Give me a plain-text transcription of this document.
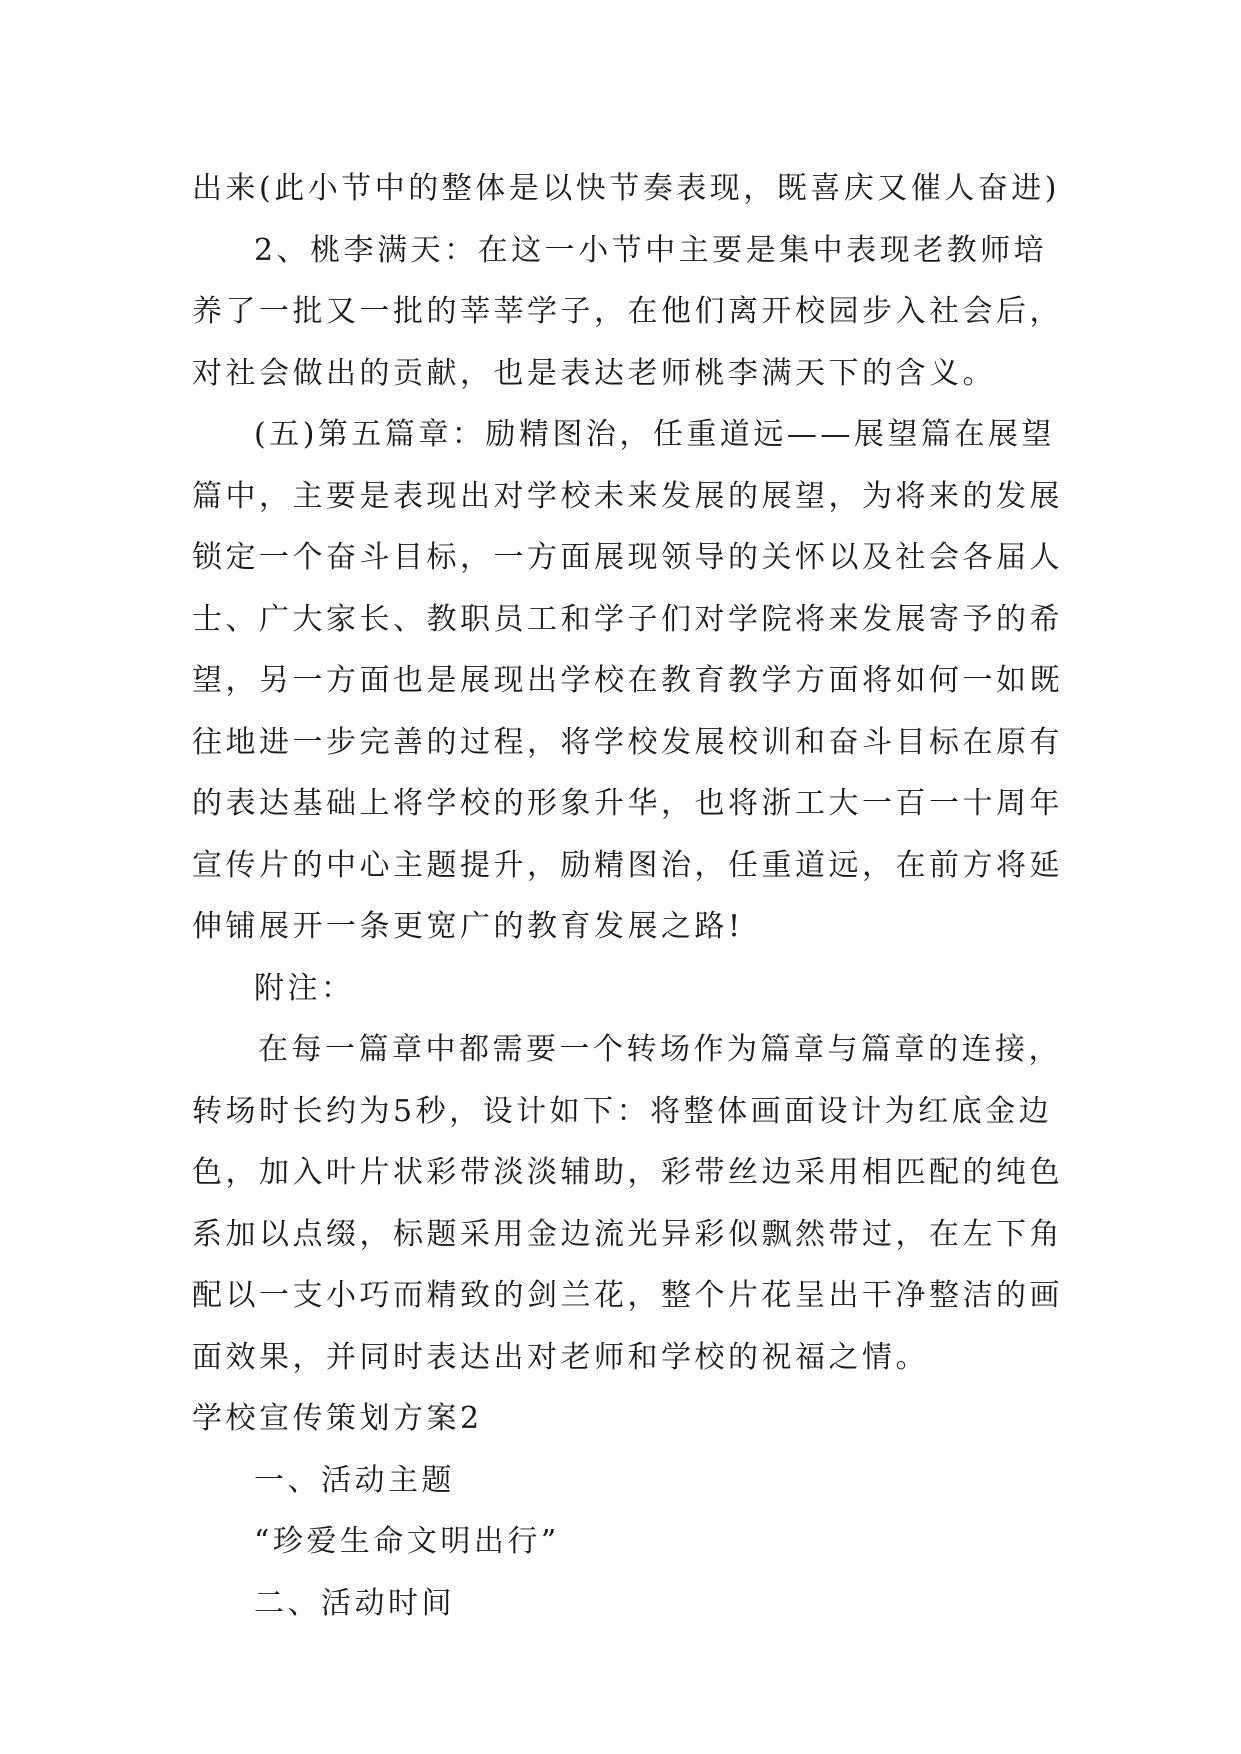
出来(此小节中的整体是以快节奏表现，既喜庆又催人奋进)
2、桃李满天：在这一小节中主要是集中表现老教师培
养了一批又一批的莘莘学子，在他们离开校园步入社会后，
对社会做出的贡献，也是表达老师桃李满天下的含义。
(五)第五篇章：励精图治，任重道远——展望篇在展望
篇中，主要是表现出对学校未来发展的展望，为将来的发展
锁定一个奋斗目标，一方面展现领导的关怀以及社会各届人
士、广大家长、教职员工和学子们对学院将来发展寄予的希
望，另一方面也是展现出学校在教育教学方面将如何一如既
往地进一步完善的过程，将学校发展校训和奋斗目标在原有
的表达基础上将学校的形象升华，也将浙工大一百一十周年
宣传片的中心主题提升，励精图治，任重道远，在前方将延
伸铺展开一条更宽广的教育发展之路!
附注：
在每一篇章中都需要一个转场作为篇章与篇章的连接，
转场时长约为5秒，设计如下：将整体画面设计为红底金边
色，加入叶片状彩带淡淡辅助，彩带丝边采用相匹配的纯色
系加以点缀，标题采用金边流光异彩似飘然带过，在左下角
配以一支小巧而精致的剑兰花，整个片花呈出干净整洁的画
面效果，并同时表达出对老师和学校的祝福之情。
学校宣传策划方案2
一、活动主题
“珍爱生命文明出行”
二、活动时间
